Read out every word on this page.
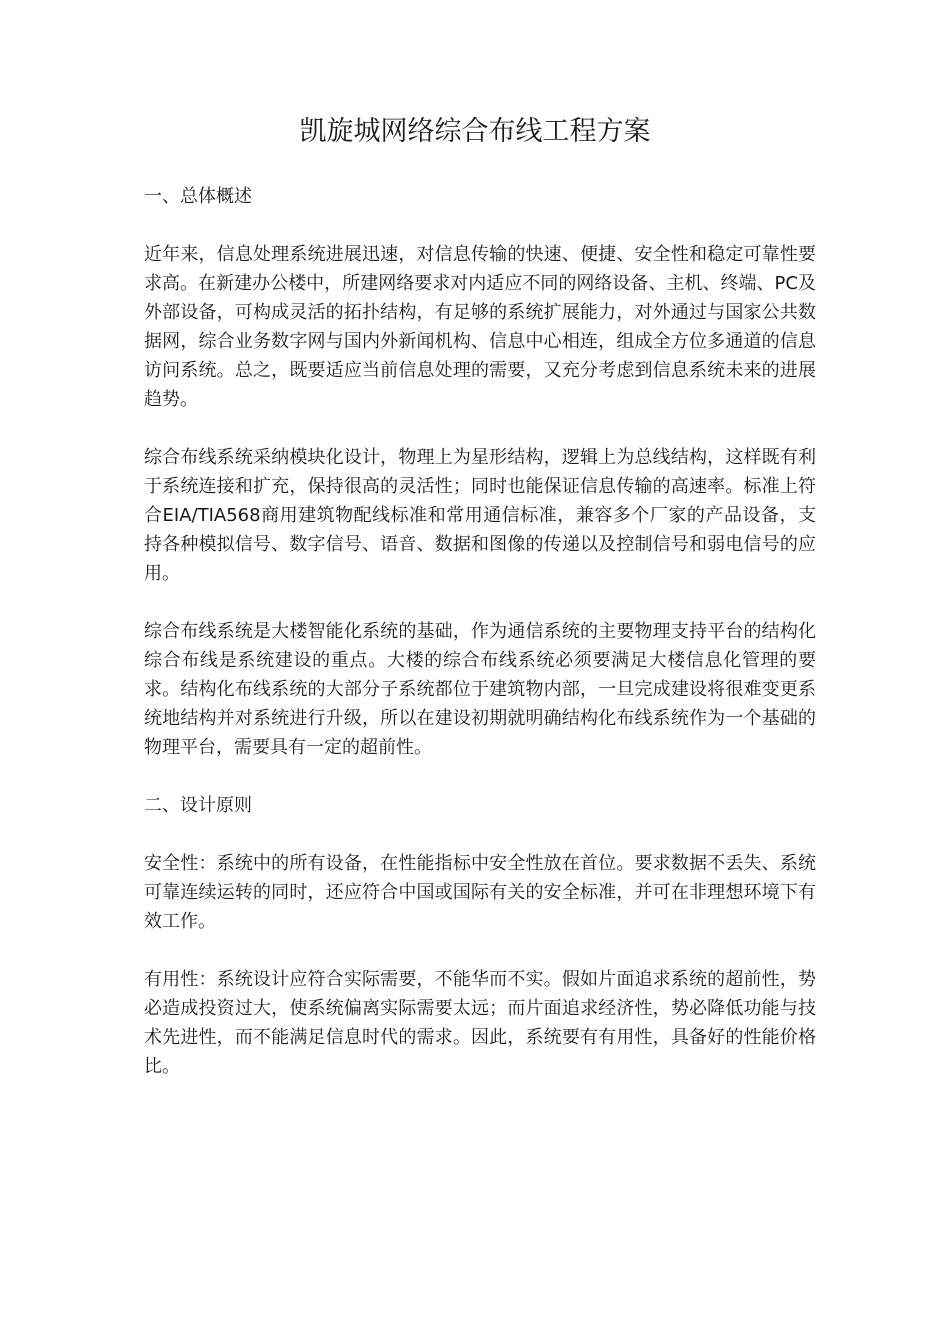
凯旋城网络综合布线工程方案
一、总体概述

近年来，信息处理系统进展迅速，对信息传输的快速、便捷、安全性和稳定可靠性要求高。在新建办公楼中，所建网络要求对内适应不同的网络设备、主机、终端、PC及外部设备，可构成灵活的拓扑结构，有足够的系统扩展能力，对外通过与国家公共数据网，综合业务数字网与国内外新闻机构、信息中心相连，组成全方位多通道的信息访问系统。总之，既要适应当前信息处理的需要，又充分考虑到信息系统未来的进展趋势。

综合布线系统采纳模块化设计，物理上为星形结构，逻辑上为总线结构，这样既有利于系统连接和扩充，保持很高的灵活性；同时也能保证信息传输的高速率。标准上符合EIA/TIA568商用建筑物配线标准和常用通信标准，兼容多个厂家的产品设备，支持各种模拟信号、数字信号、语音、数据和图像的传递以及控制信号和弱电信号的应用。

综合布线系统是大楼智能化系统的基础，作为通信系统的主要物理支持平台的结构化综合布线是系统建设的重点。大楼的综合布线系统必须要满足大楼信息化管理的要求。结构化布线系统的大部分子系统都位于建筑物内部，一旦完成建设将很难变更系统地结构并对系统进行升级，所以在建设初期就明确结构化布线系统作为一个基础的物理平台，需要具有一定的超前性。

二、设计原则

安全性：系统中的所有设备，在性能指标中安全性放在首位。要求数据不丢失、系统可靠连续运转的同时，还应符合中国或国际有关的安全标准，并可在非理想环境下有效工作。

有用性：系统设计应符合实际需要，不能华而不实。假如片面追求系统的超前性，势必造成投资过大，使系统偏离实际需要太远；而片面追求经济性，势必降低功能与技术先进性，而不能满足信息时代的需求。因此，系统要有有用性，具备好的性能价格比。
